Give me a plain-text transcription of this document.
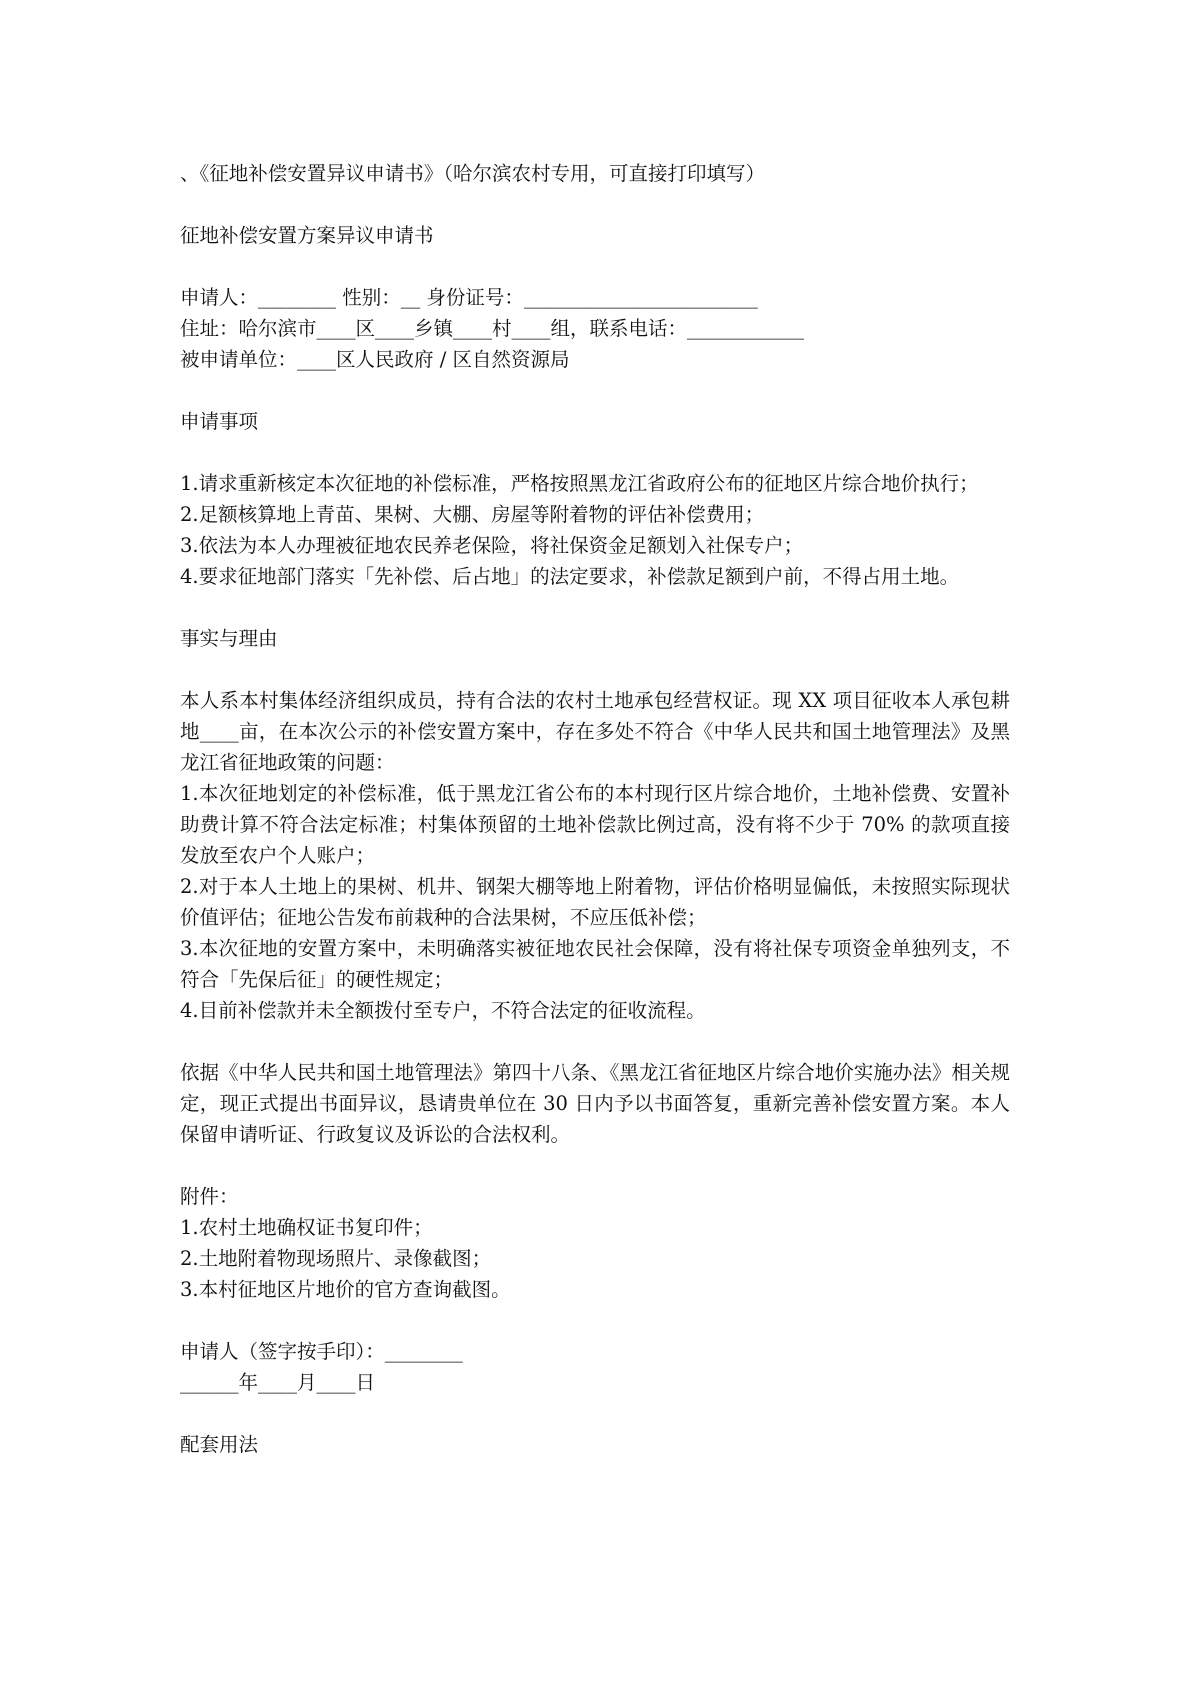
、《征地补偿安置异议申请书》（哈尔滨农村专用，可直接打印填写）

征地补偿安置方案异议申请书

申请人：________ 性别：__ 身份证号：________________________

住址：哈尔滨市____区____乡镇____村____组，联系电话：____________

被申请单位：____区人民政府 / 区自然资源局

申请事项

1.请求重新核定本次征地的补偿标准，严格按照黑龙江省政府公布的征地区片综合地价执行；

2.足额核算地上青苗、果树、大棚、房屋等附着物的评估补偿费用；

3.依法为本人办理被征地农民养老保险，将社保资金足额划入社保专户；

4.要求征地部门落实「先补偿、后占地」的法定要求，补偿款足额到户前，不得占用土地。

事实与理由

本人系本村集体经济组织成员，持有合法的农村土地承包经营权证。现 XX 项目征收本人承包耕地____亩，在本次公示的补偿安置方案中，存在多处不符合《中华人民共和国土地管理法》及黑龙江省征地政策的问题：

1.本次征地划定的补偿标准，低于黑龙江省公布的本村现行区片综合地价，土地补偿费、安置补助费计算不符合法定标准；村集体预留的土地补偿款比例过高，没有将不少于 70% 的款项直接发放至农户个人账户；

2.对于本人土地上的果树、机井、钢架大棚等地上附着物，评估价格明显偏低，未按照实际现状价值评估；征地公告发布前栽种的合法果树，不应压低补偿；

3.本次征地的安置方案中，未明确落实被征地农民社会保障，没有将社保专项资金单独列支，不符合「先保后征」的硬性规定；

4.目前补偿款并未全额拨付至专户，不符合法定的征收流程。

依据《中华人民共和国土地管理法》第四十八条、《黑龙江省征地区片综合地价实施办法》相关规定，现正式提出书面异议，恳请贵单位在 30 日内予以书面答复，重新完善补偿安置方案。本人保留申请听证、行政复议及诉讼的合法权利。

附件：

1.农村土地确权证书复印件；

2.土地附着物现场照片、录像截图；

3.本村征地区片地价的官方查询截图。

申请人（签字按手印）：________

______年____月____日

配套用法
